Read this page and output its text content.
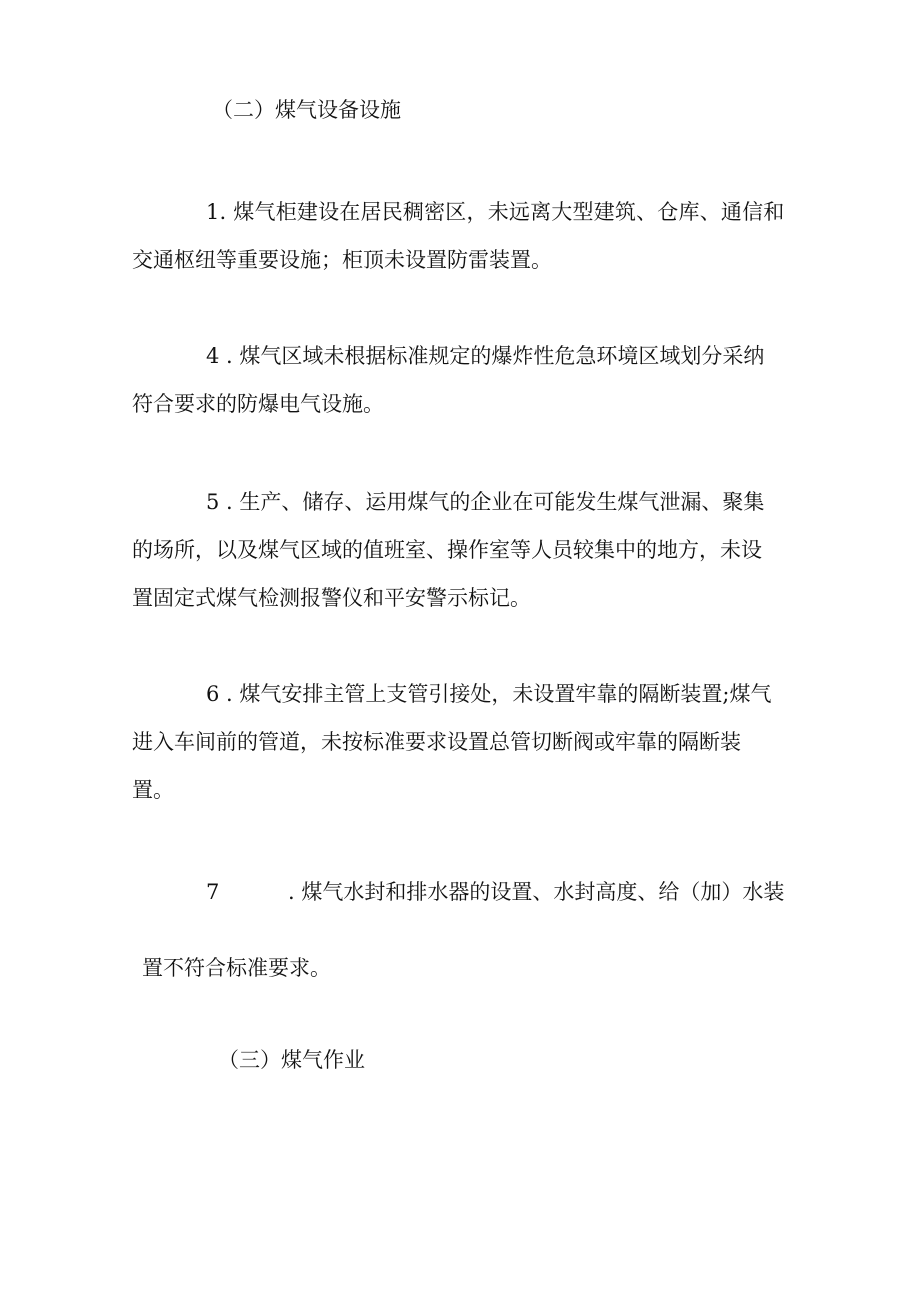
（二）煤气设备设施
1. 煤气柜建设在居民稠密区，未远离大型建筑、仓库、通信和
交通枢纽等重要设施；柜顶未设置防雷装置。
4 . 煤气区域未根据标准规定的爆炸性危急环境区域划分采纳
符合要求的防爆电气设施。
5 . 生产、储存、运用煤气的企业在可能发生煤气泄漏、聚集
的场所，以及煤气区域的值班室、操作室等人员较集中的地方，未设
置固定式煤气检测报警仪和平安警示标记。
6 . 煤气安排主管上支管引接处，未设置牢靠的隔断装置;煤气
进入车间前的管道，未按标准要求设置总管切断阀或牢靠的隔断装
置。
7	. 煤气水封和排水器的设置、水封高度、给（加）水装
置不符合标准要求。
（三）煤气作业
